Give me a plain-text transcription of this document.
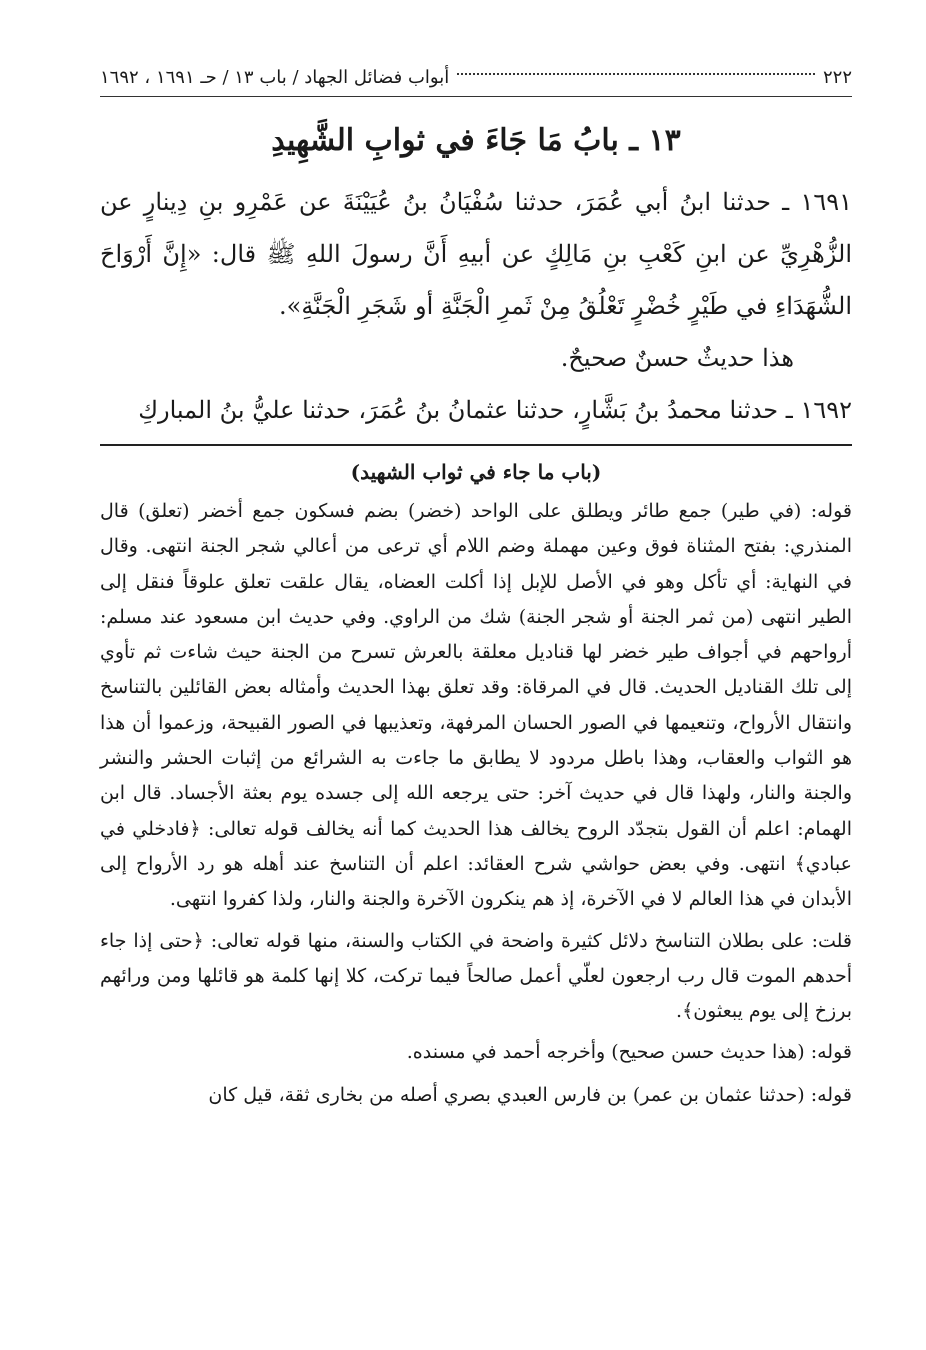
٢٢٢
أبواب فضائل الجهاد / باب ١٣ / حـ ١٦٩١ ، ١٦٩٢
١٣ ـ بابُ مَا جَاءَ في ثوابِ الشَّهِيدِ
١٦٩١ ـ حدثنا ابنُ أبي عُمَرَ، حدثنا سُفْيَانُ بنُ عُيَيْنَةَ عن عَمْرِو بنِ دِينارٍ عن الزُّهْرِيِّ عن ابنِ كَعْبِ بنِ مَالِكٍ عن أبيهِ أَنَّ رسولَ اللهِ ﷺ قال: «إِنَّ أَرْوَاحَ الشُّهَدَاءِ في طَيْرٍ خُضْرٍ تَعْلُقُ مِنْ ثَمرِ الْجَنَّةِ أو شَجَرِ الْجَنَّةِ».
هذا حديثٌ حسنٌ صحيحٌ.
١٦٩٢ ـ حدثنا محمدُ بنُ بَشَّارٍ، حدثنا عثمانُ بنُ عُمَرَ، حدثنا عليُّ بنُ المباركِ
(باب ما جاء في ثواب الشهيد)

قوله: (في طير) جمع طائر ويطلق على الواحد (خضر) بضم فسكون جمع أخضر (تعلق) قال المنذري: بفتح المثناة فوق وعين مهملة وضم اللام أي ترعى من أعالي شجر الجنة انتهى. وقال في النهاية: أي تأكل وهو في الأصل للإبل إذا أكلت العضاه، يقال علقت تعلق علوقاً فنقل إلى الطير انتهى (من ثمر الجنة أو شجر الجنة) شك من الراوي. وفي حديث ابن مسعود عند مسلم: أرواحهم في أجواف طير خضر لها قناديل معلقة بالعرش تسرح من الجنة حيث شاءت ثم تأوي إلى تلك القناديل الحديث. قال في المرقاة: وقد تعلق بهذا الحديث وأمثاله بعض القائلين بالتناسخ وانتقال الأرواح، وتنعيمها في الصور الحسان المرفهة، وتعذيبها في الصور القبيحة، وزعموا أن هذا هو الثواب والعقاب، وهذا باطل مردود لا يطابق ما جاءت به الشرائع من إثبات الحشر والنشر والجنة والنار، ولهذا قال في حديث آخر: حتى يرجعه الله إلى جسده يوم بعثة الأجساد. قال ابن الهمام: اعلم أن القول بتجدّد الروح يخالف هذا الحديث كما أنه يخالف قوله تعالى: ﴿فادخلي في عبادي﴾ انتهى. وفي بعض حواشي شرح العقائد: اعلم أن التناسخ عند أهله هو رد الأرواح إلى الأبدان في هذا العالم لا في الآخرة، إذ هم ينكرون الآخرة والجنة والنار، ولذا كفروا انتهى.

قلت: على بطلان التناسخ دلائل كثيرة واضحة في الكتاب والسنة، منها قوله تعالى: ﴿حتى إذا جاء أحدهم الموت قال رب ارجعون لعلّي أعمل صالحاً فيما تركت، كلا إنها كلمة هو قائلها ومن ورائهم برزخ إلى يوم يبعثون﴾.

قوله: (هذا حديث حسن صحيح) وأخرجه أحمد في مسنده.

قوله: (حدثنا عثمان بن عمر) بن فارس العبدي بصري أصله من بخارى ثقة، قيل كان
